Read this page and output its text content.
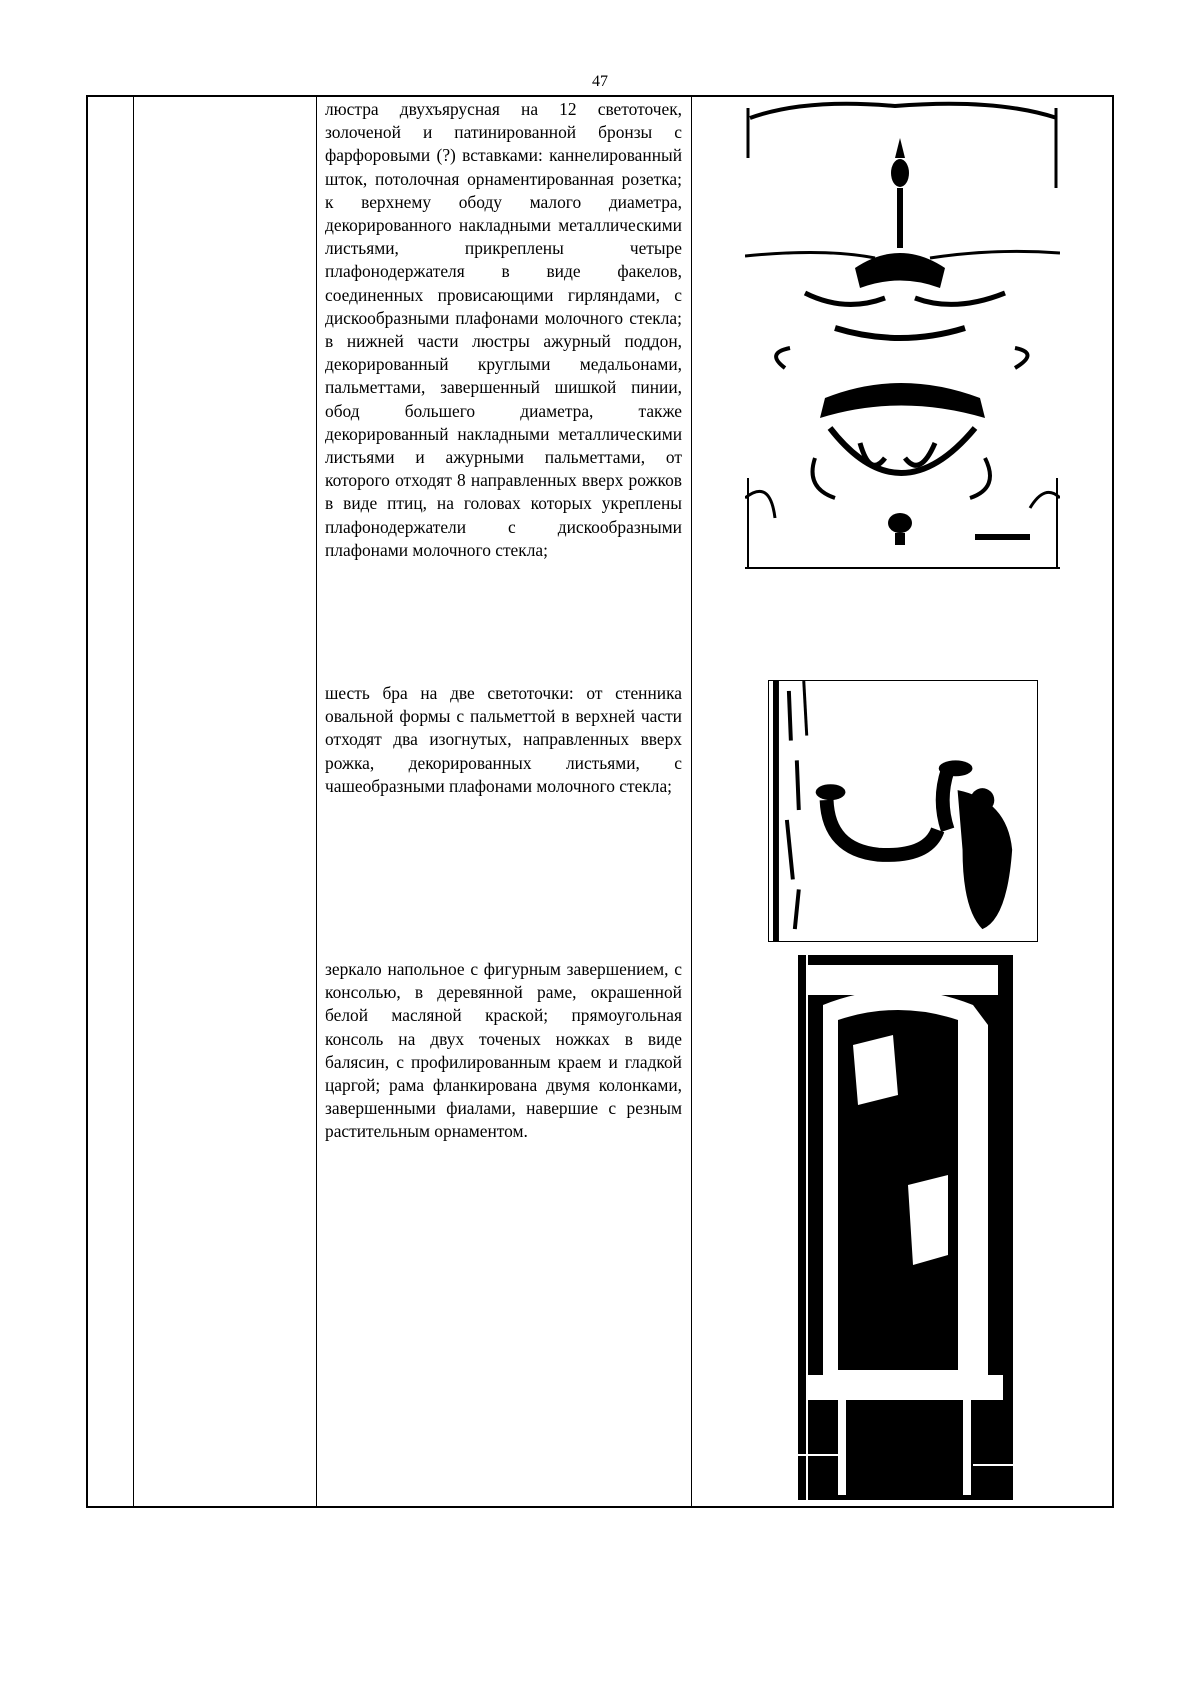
47
люстра двухъярусная на 12 светоточек, золоченой и патинированной бронзы с фарфоровыми (?) вставками: каннелированный шток, потолочная орнаментированная розетка; к верхнему ободу малого диаметра, декорированного накладными металлическими листьями, прикреплены четыре плафонодержателя в виде факелов, соединенных провисающими гирляндами, с дискообразными плафонами молочного стекла; в нижней части люстры ажурный поддон, декорированный круглыми медальонами, пальметтами, завершенный шишкой пинии, обод большего диаметра, также декорированный накладными металлическими листьями и ажурными пальметтами, от которого отходят 8 направленных вверх рожков в виде птиц, на головах которых укреплены плафонодержатели с дискообразными плафонами молочного стекла;
шесть бра на две светоточки: от стенника овальной формы с пальметтой в верхней части отходят два изогнутых, направленных вверх рожка, декорированных листьями, с чашеобразными плафонами молочного стекла;
зеркало напольное с фигурным завершением, с консолью, в деревянной раме, окрашенной белой масляной краской; прямоугольная консоль на двух точеных ножках в виде балясин, с профилированным краем и гладкой царгой; рама фланкирована двумя колонками, завершенными фиалами, навершие с резным растительным орнаментом.
